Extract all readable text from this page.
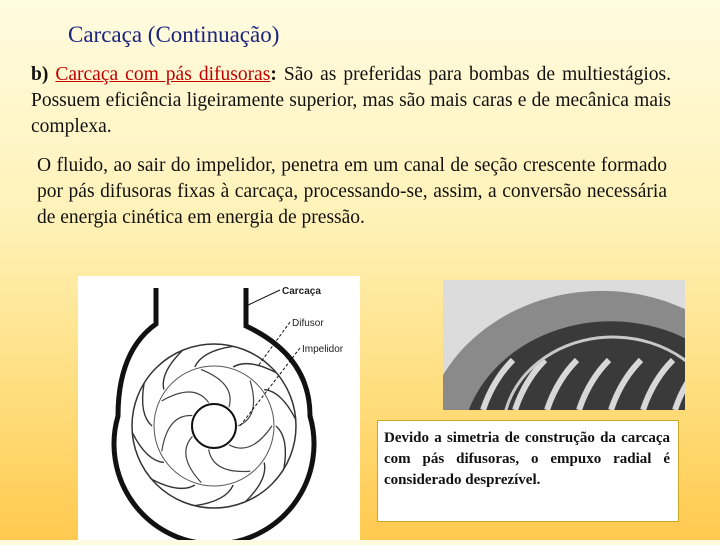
Carcaça (Continuação)
b) Carcaça com pás difusoras: São as preferidas para bombas de multiestágios. Possuem eficiência ligeiramente superior, mas são mais caras e de mecânica mais complexa.
O fluido, ao sair do impelidor, penetra em um canal de seção crescente formado por pás difusoras fixas à carcaça, processando-se, assim, a conversão necessária de energia cinética em energia de pressão.
Carcaça
Difusor
Impelidor
Devido a simetria de construção da carcaça com pás difusoras, o empuxo radial é considerado desprezível.
